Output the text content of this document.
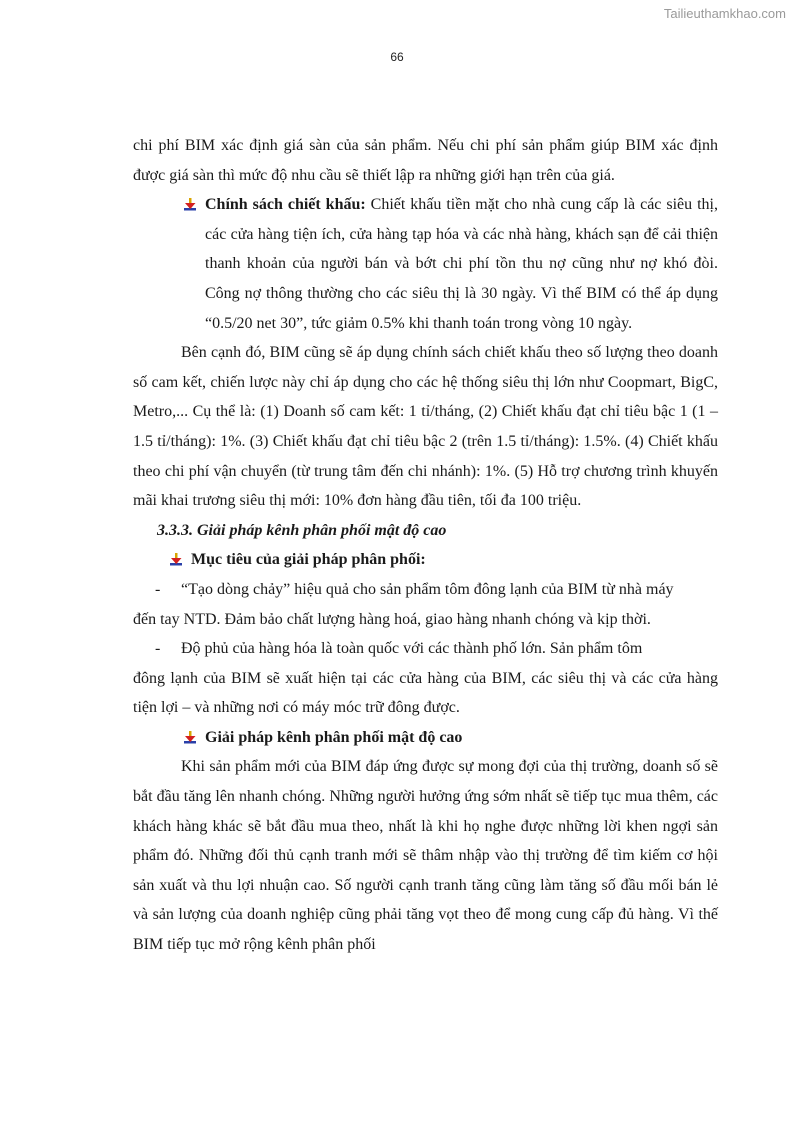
Tailieuthamkhao.com
66

chi phí BIM xác định giá sàn của sản phẩm. Nếu chi phí sản phẩm giúp BIM xác định được giá sàn thì mức độ nhu cầu sẽ thiết lập ra những giới hạn trên của giá.

Chính sách chiết khấu: Chiết khấu tiền mặt cho nhà cung cấp là các siêu thị, các cửa hàng tiện ích, cửa hàng tạp hóa và các nhà hàng, khách sạn để cải thiện thanh khoản của người bán và bớt chi phí tồn thu nợ cũng như nợ khó đòi. Công nợ thông thường cho các siêu thị là 30 ngày. Vì thế BIM có thể áp dụng “0.5/20 net 30”, tức giảm 0.5% khi thanh toán trong vòng 10 ngày.

Bên cạnh đó, BIM cũng sẽ áp dụng chính sách chiết khấu theo số lượng theo doanh số cam kết, chiến lược này chỉ áp dụng cho các hệ thống siêu thị lớn như Coopmart, BigC, Metro,... Cụ thể là: (1) Doanh số cam kết: 1 tỉ/tháng, (2) Chiết khấu đạt chỉ tiêu bậc 1 (1 – 1.5 tỉ/tháng): 1%. (3) Chiết khấu đạt chỉ tiêu bậc 2 (trên 1.5 tỉ/tháng): 1.5%. (4) Chiết khấu theo chi phí vận chuyển (từ trung tâm đến chi nhánh): 1%. (5) Hỗ trợ chương trình khuyến mãi khai trương siêu thị mới: 10% đơn hàng đầu tiên, tối đa 100 triệu.

3.3.3. Giải pháp kênh phân phối mật độ cao

Mục tiêu của giải pháp phân phối:

- “Tạo dòng chảy” hiệu quả cho sản phẩm tôm đông lạnh của BIM từ nhà máy

đến tay NTD. Đảm bảo chất lượng hàng hoá, giao hàng nhanh chóng và kịp thời.

- Độ phủ của hàng hóa là toàn quốc với các thành phố lớn. Sản phẩm tôm

đông lạnh của BIM sẽ xuất hiện tại các cửa hàng của BIM, các siêu thị và các cửa hàng tiện lợi – và những nơi có máy móc trữ đông được.

Giải pháp kênh phân phối mật độ cao

Khi sản phẩm mới của BIM đáp ứng được sự mong đợi của thị trường, doanh số sẽ bắt đầu tăng lên nhanh chóng. Những người hưởng ứng sớm nhất sẽ tiếp tục mua thêm, các khách hàng khác sẽ bắt đầu mua theo, nhất là khi họ nghe được những lời khen ngợi sản phẩm đó. Những đối thủ cạnh tranh mới sẽ thâm nhập vào thị trường để tìm kiếm cơ hội sản xuất và thu lợi nhuận cao. Số người cạnh tranh tăng cũng làm tăng số đầu mối bán lẻ và sản lượng của doanh nghiệp cũng phải tăng vọt theo để mong cung cấp đủ hàng. Vì thế BIM tiếp tục mở rộng kênh phân phối
